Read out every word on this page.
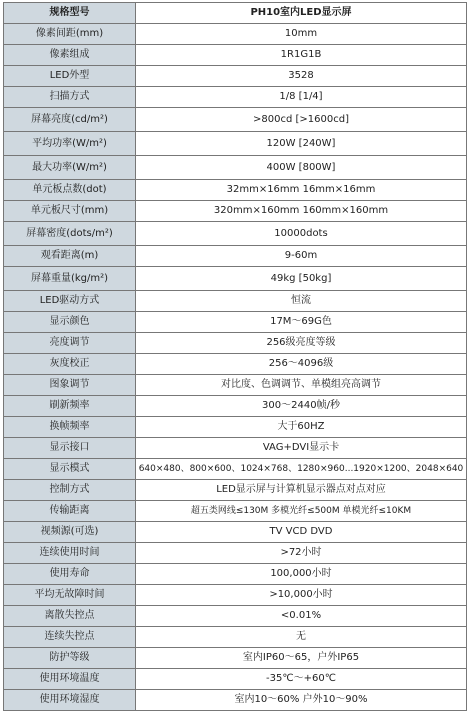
规格型号	PH10室内LED显示屏
像素间距(mm)	10mm
像素组成	1R1G1B
LED外型	3528
扫描方式	1/8 [1/4]
屏幕亮度(cd/m²)	>800cd [>1600cd]
平均功率(W/m²)	120W [240W]
最大功率(W/m²)	400W [800W]
单元板点数(dot)	32mm×16mm 16mm×16mm
单元板尺寸(mm)	320mm×160mm 160mm×160mm
屏幕密度(dots/m²)	10000dots
观看距离(m)	9-60m
屏幕重量(kg/m²)	49kg [50kg]
LED驱动方式	恒流
显示颜色	17M～69G色
亮度调节	256级亮度等级
灰度校正	256～4096级
图象调节	对比度、色调调节、单模组亮高调节
刷新频率	300～2440帧/秒
换帧频率	大于60HZ
显示接口	VAG+DVI显示卡
显示模式	640×480、800×600、1024×768、1280×960...1920×1200、2048×640
控制方式	LED显示屏与计算机显示器点对点对应
传输距离	超五类网线≤130M 多模光纤≤500M 单模光纤≤10KM
视频源(可选)	TV VCD DVD
连续使用时间	>72小时
使用寿命	100,000小时
平均无故障时间	>10,000小时
离散失控点	<0.01%
连续失控点	无
防护等级	室内IP60～65，户外IP65
使用环境温度	-35℃～+60℃
使用环境湿度	室内10～60% 户外10～90%
